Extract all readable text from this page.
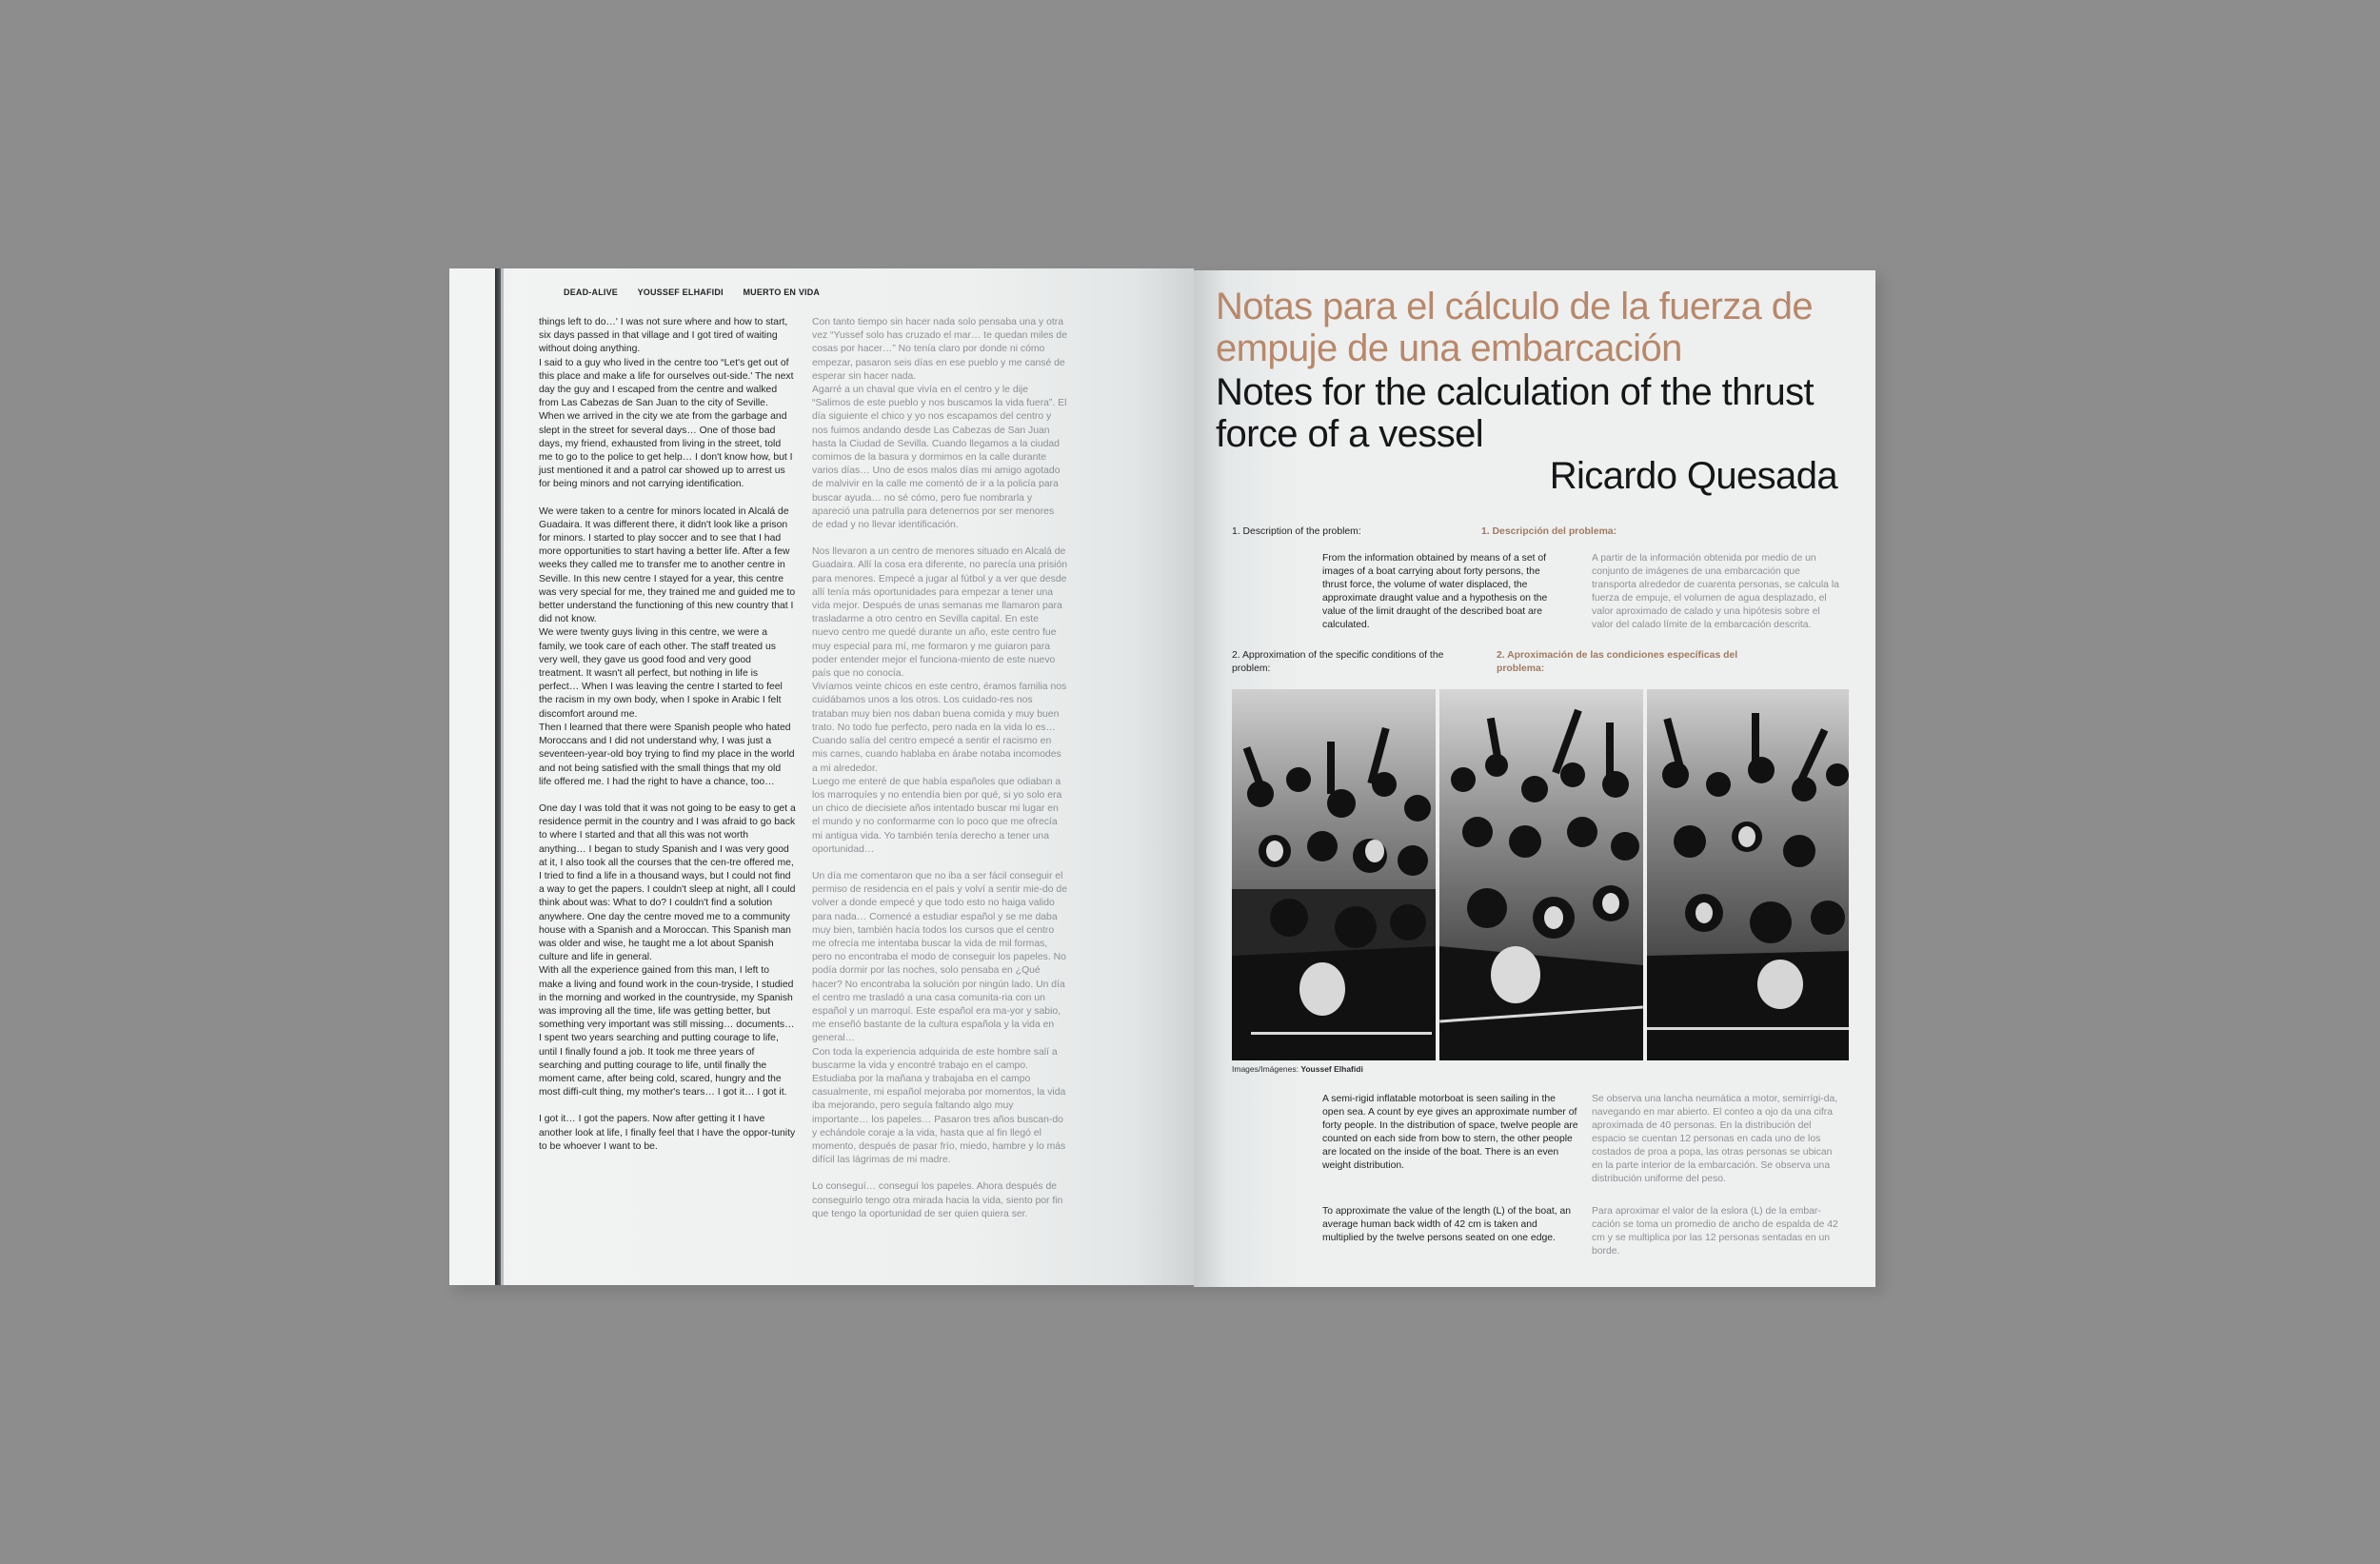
DEAD-ALIVE YOUSSEF ELHAFIDI MUERTO EN VIDA

things left to do…' I was not sure where and how to start, six days passed in that village and I got tired of waiting without doing anything.
I said to a guy who lived in the centre too “Let's get out of this place and make a life for ourselves out-side.' The next day the guy and I escaped from the centre and walked from Las Cabezas de San Juan to the city of Seville. When we arrived in the city we ate from the garbage and slept in the street for several days… One of those bad days, my friend, exhausted from living in the street, told me to go to the police to get help… I don't know how, but I just mentioned it and a patrol car showed up to arrest us for being minors and not carrying identification.

We were taken to a centre for minors located in Alcalá de Guadaira. It was different there, it didn't look like a prison for minors. I started to play soccer and to see that I had more opportunities to start having a better life. After a few weeks they called me to transfer me to another centre in Seville. In this new centre I stayed for a year, this centre was very special for me, they trained me and guided me to better understand the functioning of this new country that I did not know.
We were twenty guys living in this centre, we were a family, we took care of each other. The staff treated us very well, they gave us good food and very good treatment. It wasn't all perfect, but nothing in life is perfect… When I was leaving the centre I started to feel the racism in my own body, when I spoke in Arabic I felt discomfort around me.
Then I learned that there were Spanish people who hated Moroccans and I did not understand why, I was just a seventeen-year-old boy trying to find my place in the world and not being satisfied with the small things that my old life offered me. I had the right to have a chance, too…

One day I was told that it was not going to be easy to get a residence permit in the country and I was afraid to go back to where I started and that all this was not worth anything… I began to study Spanish and I was very good at it, I also took all the courses that the cen-tre offered me, I tried to find a life in a thousand ways, but I could not find a way to get the papers. I couldn't sleep at night, all I could think about was: What to do? I couldn't find a solution anywhere. One day the centre moved me to a community house with a Spanish and a Moroccan. This Spanish man was older and wise, he taught me a lot about Spanish culture and life in general.
With all the experience gained from this man, I left to make a living and found work in the coun-tryside, I studied in the morning and worked in the countryside, my Spanish was improving all the time, life was getting better, but something very important was still missing… documents… I spent two years searching and putting courage to life, until I finally found a job. It took me three years of searching and putting courage to life, until finally the moment came, after being cold, scared, hungry and the most diffi-cult thing, my mother's tears… I got it… I got it.

I got it… I got the papers. Now after getting it I have another look at life, I finally feel that I have the oppor-tunity to be whoever I want to be.

Con tanto tiempo sin hacer nada solo pensaba una y otra vez “Yussef solo has cruzado el mar… te quedan miles de cosas por hacer…” No tenía claro por donde ni cómo empezar, pasaron seis días en ese pueblo y me cansé de esperar sin hacer nada.
Agarré a un chaval que vivía en el centro y le dije “Salimos de este pueblo y nos buscamos la vida fuera”. El día siguiente el chico y yo nos escapamos del centro y nos fuimos andando desde Las Cabezas de San Juan hasta la Ciudad de Sevilla. Cuando llegamos a la ciudad comimos de la basura y dormimos en la calle durante varios días… Uno de esos malos días mi amigo agotado de malvivir en la calle me comentó de ir a la policía para buscar ayuda… no sé cómo, pero fue nombrarla y apareció una patrulla para detenernos por ser menores de edad y no llevar identificación.

Nos llevaron a un centro de menores situado en Alcalá de Guadaira. Allí la cosa era diferente, no parecía una prisión para menores. Empecé a jugar al fútbol y a ver que desde allí tenía más oportunidades para empezar a tener una vida mejor. Después de unas semanas me llamaron para trasladarme a otro centro en Sevilla capital. En este nuevo centro me quedé durante un año, este centro fue muy especial para mí, me formaron y me guiaron para poder entender mejor el funciona-miento de este nuevo país que no conocía.
Vivíamos veinte chicos en este centro, éramos familia nos cuidábamos unos a los otros. Los cuidado-res nos trataban muy bien nos daban buena comida y muy buen trato. No todo fue perfecto, pero nada en la vida lo es… Cuando salía del centro empecé a sentir el racismo en mis carnes, cuando hablaba en árabe notaba incomodes a mi alrededor.
Luego me enteré de que había españoles que odiaban a los marroquíes y no entendía bien por qué, si yo solo era un chico de diecisiete años intentado buscar mi lugar en el mundo y no conformarme con lo poco que me ofrecía mi antigua vida. Yo también tenía derecho a tener una oportunidad…

Un día me comentaron que no iba a ser fácil conseguir el permiso de residencia en el país y volví a sentir mie-do de volver a donde empecé y que todo esto no haiga valido para nada… Comencé a estudiar español y se me daba muy bien, también hacía todos los cursos que el centro me ofrecía me intentaba buscar la vida de mil formas, pero no encontraba el modo de conseguir los papeles. No podía dormir por las noches, solo pensaba en ¿Qué hacer? No encontraba la solución por ningún lado. Un día el centro me trasladó a una casa comunita-ria con un español y un marroquí. Este español era ma-yor y sabio, me enseñó bastante de la cultura española y la vida en general…
Con toda la experiencia adquirida de este hombre salí a buscarme la vida y encontré trabajo en el campo. Estudiaba por la mañana y trabajaba en el campo casualmente, mi español mejoraba por momentos, la vida iba mejorando, pero seguía faltando algo muy importante… los papeles… Pasaron tres años buscan-do y echándole coraje a la vida, hasta que al fin llegó el momento, después de pasar frío, miedo, hambre y lo más difícil las lágrimas de mi madre.

Lo conseguí… conseguí los papeles. Ahora después de conseguirlo tengo otra mirada hacia la vida, siento por fin que tengo la oportunidad de ser quien quiera ser.

Notas para el cálculo de la fuerza de empuje de una embarcación
Notes for the calculation of the thrust force of a vessel
Ricardo Quesada
1. Description of the problem:	1. Descripción del problema:
From the information obtained by means of a set of images of a boat carrying about forty persons, the thrust force, the volume of water displaced, the approximate draught value and a hypothesis on the value of the limit draught of the described boat are calculated.
A partir de la información obtenida por medio de un conjunto de imágenes de una embarcación que transporta alrededor de cuarenta personas, se calcula la fuerza de empuje, el volumen de agua desplazado, el valor aproximado de calado y una hipótesis sobre el valor del calado límite de la embarcación descrita.
2. Approximation of the specific conditions of the problem:
2. Aproximación de las condiciones específicas del problema:
Images/Imágenes: Youssef Elhafidi
A semi-rigid inflatable motorboat is seen sailing in the open sea. A count by eye gives an approximate number of forty people. In the distribution of space, twelve people are counted on each side from bow to stern, the other people are located on the inside of the boat. There is an even weight distribution.
Se observa una lancha neumática a motor, semirrígi-da, navegando en mar abierto. El conteo a ojo da una cifra aproximada de 40 personas. En la distribución del espacio se cuentan 12 personas en cada uno de los costados de proa a popa, las otras personas se ubican en la parte interior de la embarcación. Se observa una distribución uniforme del peso.
To approximate the value of the length (L) of the boat, an average human back width of 42 cm is taken and multiplied by the twelve persons seated on one edge.
Para aproximar el valor de la eslora (L) de la embar-cación se toma un promedio de ancho de espalda de 42 cm y se multiplica por las 12 personas sentadas en un borde.
